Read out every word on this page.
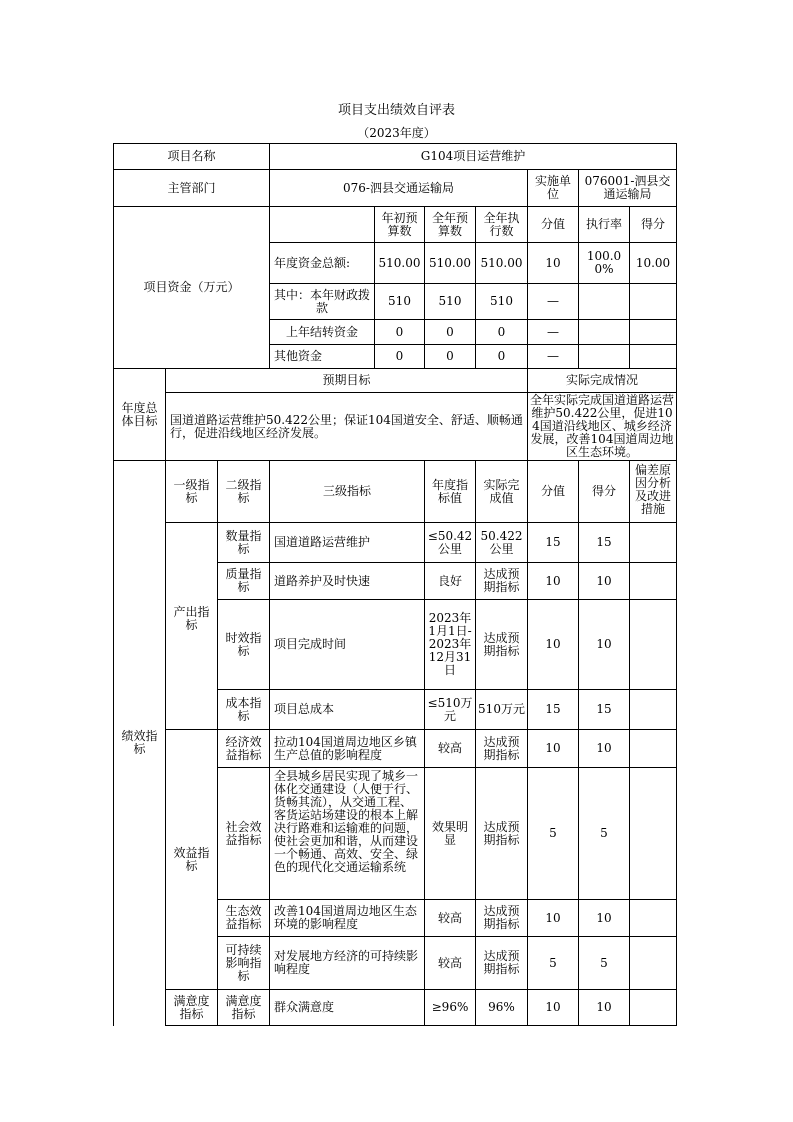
项目支出绩效自评表
（2023年度）
项目名称			G104项目运营维护						
主管部门			076-泗县交通运输局				实施单位	076001-泗县交通运输局	
项目资金（万元）				年初预算数	全年预算数	全年执行数	分值	执行率	得分
			年度资金总额:	510.00	510.00	510.00	10	100.00%	10.00
			其中：本年财政拨款	510	510	510	—		
			上年结转资金	0	0	0	—		
			其他资金	0	0	0	—		
年度总体目标	预期目标						实际完成情况		
	国道道路运营维护50.422公里；保证104国道安全、舒适、顺畅通行，促进沿线地区经济发展。						全年实际完成国道道路运营维护50.422公里，促进104国道沿线地区、城乡经济发展，改善104国道周边地区生态环境。		
绩效指标	一级指标	二级指标	三级指标		年度指标值	实际完成值	分值	得分	偏差原因分析及改进措施

	产出指标	数量指标	国道道路运营维护		≤50.42公里	50.422公里	15	15	
		质量指标	道路养护及时快速		良好	达成预期指标	10	10	
		时效指标	项目完成时间		2023年1月1日-2023年12月31日	达成预期指标	10	10	
		成本指标	项目总成本		≤510万元	510万元	15	15	
	效益指标	经济效益指标	拉动104国道周边地区乡镇生产总值的影响程度		较高	达成预期指标	10	10	
		社会效益指标	全县城乡居民实现了城乡一体化交通建设（人便于行、货畅其流），从交通工程、客货运站场建设的根本上解决行路难和运输难的问题，使社会更加和谐，从而建设一个畅通、高效、安全、绿色的现代化交通运输系统		效果明显	达成预期指标	5	5	
		生态效益指标	改善104国道周边地区生态环境的影响程度		较高	达成预期指标	10	10	
		可持续影响指标	对发展地方经济的可持续影响程度		较高	达成预期指标	5	5	
	满意度指标	满意度指标	群众满意度		≥96%	96%	10	10	
